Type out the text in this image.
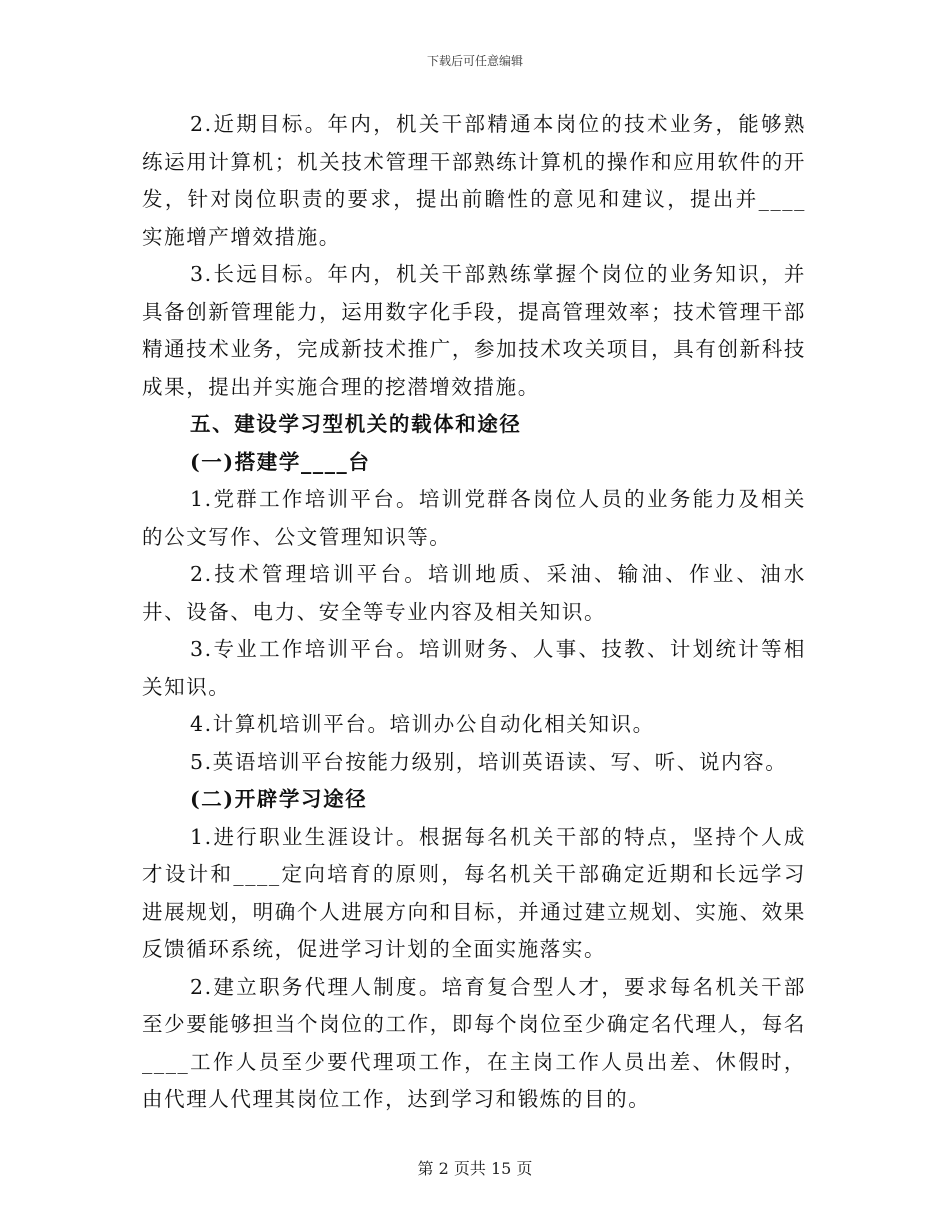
下载后可任意编辑

2.近期目标。年内，机关干部精通本岗位的技术业务，能够熟练运用计算机；机关技术管理干部熟练计算机的操作和应用软件的开发，针对岗位职责的要求，提出前瞻性的意见和建议，提出并____实施增产增效措施。

3.长远目标。年内，机关干部熟练掌握个岗位的业务知识，并具备创新管理能力，运用数字化手段，提高管理效率；技术管理干部精通技术业务，完成新技术推广，参加技术攻关项目，具有创新科技成果，提出并实施合理的挖潜增效措施。

五、建设学习型机关的载体和途径

(一)搭建学____台

1.党群工作培训平台。培训党群各岗位人员的业务能力及相关的公文写作、公文管理知识等。

2.技术管理培训平台。培训地质、采油、输油、作业、油水井、设备、电力、安全等专业内容及相关知识。

3.专业工作培训平台。培训财务、人事、技教、计划统计等相关知识。

4.计算机培训平台。培训办公自动化相关知识。

5.英语培训平台按能力级别，培训英语读、写、听、说内容。

(二)开辟学习途径

1.进行职业生涯设计。根据每名机关干部的特点，坚持个人成才设计和____定向培育的原则，每名机关干部确定近期和长远学习进展规划，明确个人进展方向和目标，并通过建立规划、实施、效果反馈循环系统，促进学习计划的全面实施落实。

2.建立职务代理人制度。培育复合型人才，要求每名机关干部至少要能够担当个岗位的工作，即每个岗位至少确定名代理人，每名____工作人员至少要代理项工作，在主岗工作人员出差、休假时，由代理人代理其岗位工作，达到学习和锻炼的目的。

第 2 页共 15 页
